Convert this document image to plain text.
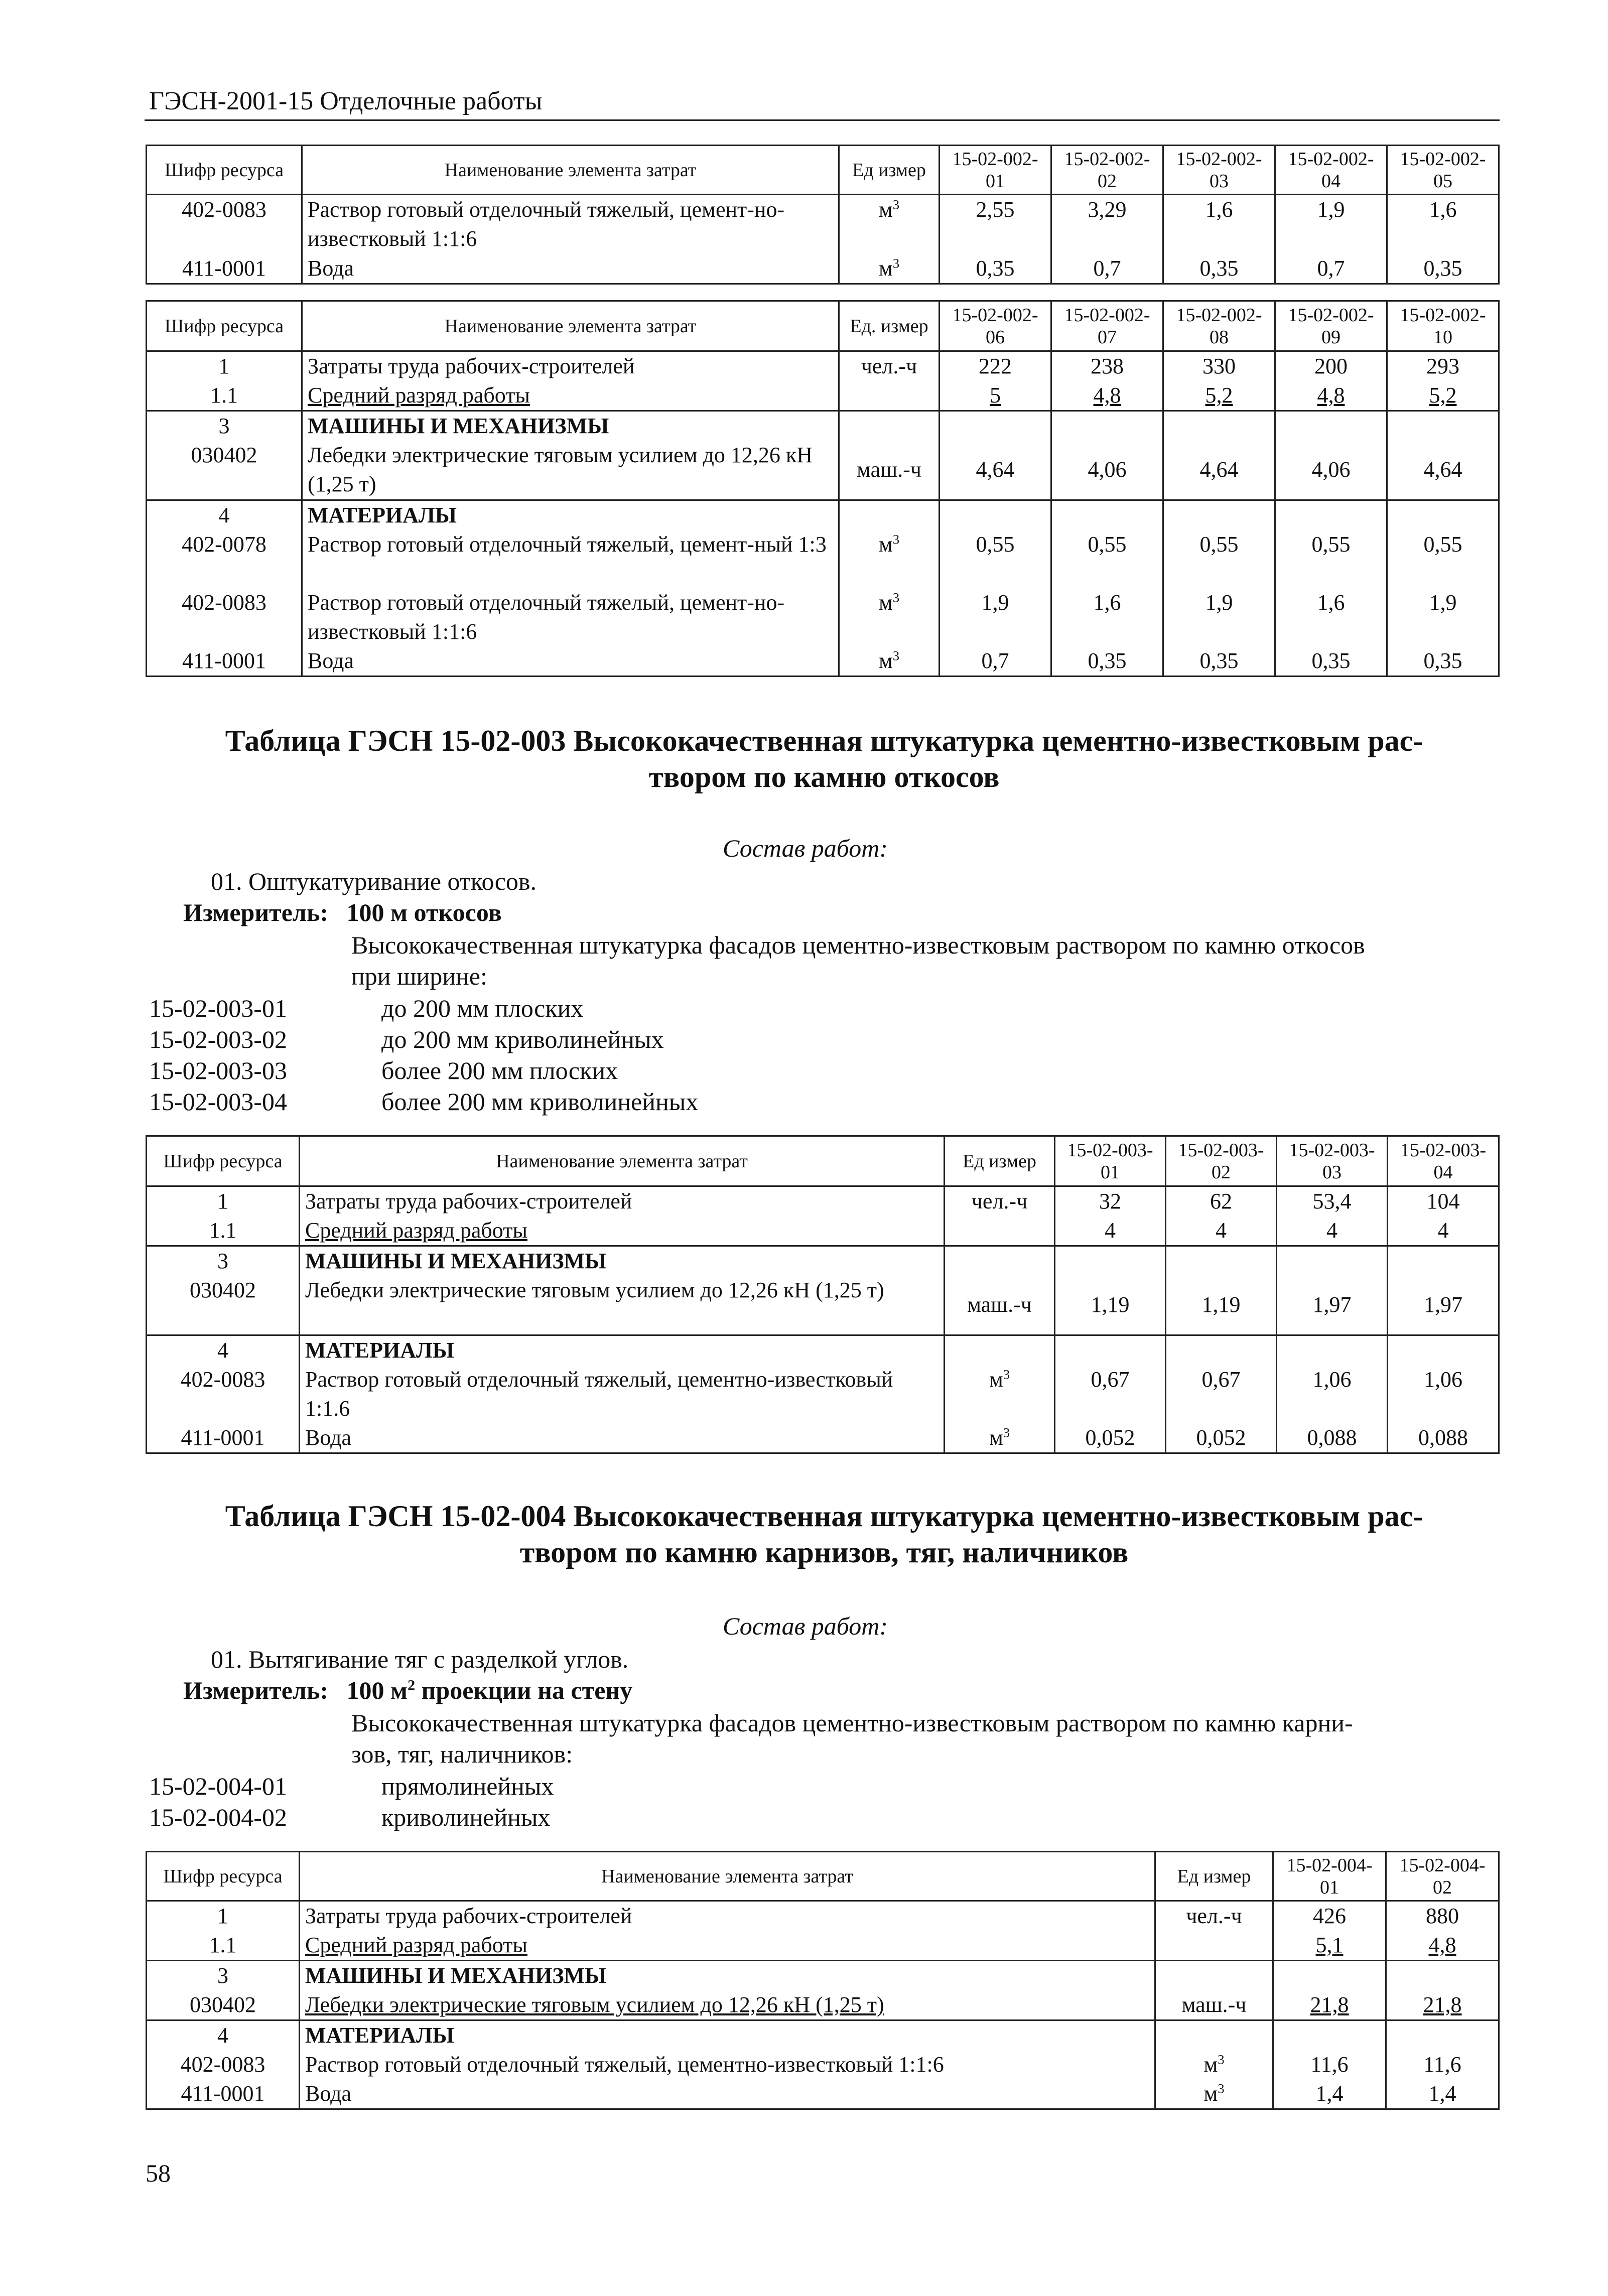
ГЭСН-2001-15 Отделочные работы
Шифр ресурса	Наименование элемента затрат	Ед измер	15-02-002-01	15-02-002-02	15-02-002-03	15-02-002-04	15-02-002-05
402-0083	Раствор готовый отделочный тяжелый, цемент-но-известковый 1:1:6	$м^3$	2,55	3,29	1,6	1,9	1,6
411-0001	Вода	$м^3$	0,35	0,7	0,35	0,7	0,35
Шифр ресурса	Наименование элемента затрат	Ед. измер	15-02-002-06	15-02-002-07	15-02-002-08	15-02-002-09	15-02-002-10
1	Затраты труда рабочих-строителей	чел.-ч	222	238	330	200	293
1.1	Средний разряд работы		5	4,8	5,2	4,8	5,2
3	МАШИНЫ И МЕХАНИЗМЫ						
030402	Лебедки электрические тяговым усилием до 12,26 кН (1,25 т)	маш.-ч	4,64	4,06	4,64	4,06	4,64
4	МАТЕРИАЛЫ						
402-0078	Раствор готовый отделочный тяжелый, цемент-ный 1:3	$м^3$	0,55	0,55	0,55	0,55	0,55
402-0083	Раствор готовый отделочный тяжелый, цемент-но-известковый 1:1:6	$м^3$	1,9	1,6	1,9	1,6	1,9
411-0001	Вода	$м^3$	0,7	0,35	0,35	0,35	0,35
Таблица ГЭСН 15-02-003 Высококачественная штукатурка цементно-известковым рас-
твором по камню откосов
Состав работ:
01. Оштукатуривание откосов.
Измеритель: 100 м откосов
Высококачественная штукатурка фасадов цементно-известковым раствором по камню откосов
при ширине:
15-02-003-01	до 200 мм плоских
15-02-003-02	до 200 мм криволинейных
15-02-003-03	более 200 мм плоских
15-02-003-04	более 200 мм криволинейных
Шифр ресурса	Наименование элемента затрат	Ед измер	15-02-003-01	15-02-003-02	15-02-003-03	15-02-003-04
1	Затраты труда рабочих-строителей	чел.-ч	32	62	53,4	104
1.1	Средний разряд работы		4	4	4	4
3	МАШИНЫ И МЕХАНИЗМЫ					
030402	Лебедки электрические тяговым усилием до 12,26 кН (1,25 т)	маш.-ч	1,19	1,19	1,97	1,97
4	МАТЕРИАЛЫ					
402-0083	Раствор готовый отделочный тяжелый, цементно-известковый 1:1.6	$м^3$	0,67	0,67	1,06	1,06
411-0001	Вода	$м^3$	0,052	0,052	0,088	0,088
Таблица ГЭСН 15-02-004 Высококачественная штукатурка цементно-известковым рас-
твором по камню карнизов, тяг, наличников
Состав работ:
01. Вытягивание тяг с разделкой углов.
Измеритель: 100 $м^2$ проекции на стену
Высококачественная штукатурка фасадов цементно-известковым раствором по камню карни-
зов, тяг, наличников:
15-02-004-01	прямолинейных
15-02-004-02	криволинейных
Шифр ресурса	Наименование элемента затрат	Ед измер	15-02-004-01	15-02-004-02
1	Затраты труда рабочих-строителей	чел.-ч	426	880
1.1	Средний разряд работы		5,1	4,8
3	МАШИНЫ И МЕХАНИЗМЫ			
030402	Лебедки электрические тяговым усилием до 12,26 кН (1,25 т)	маш.-ч	21,8	21,8
4	МАТЕРИАЛЫ			
402-0083	Раствор готовый отделочный тяжелый, цементно-известковый 1:1:6	$м^3$	11,6	11,6
411-0001	Вода	$м^3$	1,4	1,4
58
